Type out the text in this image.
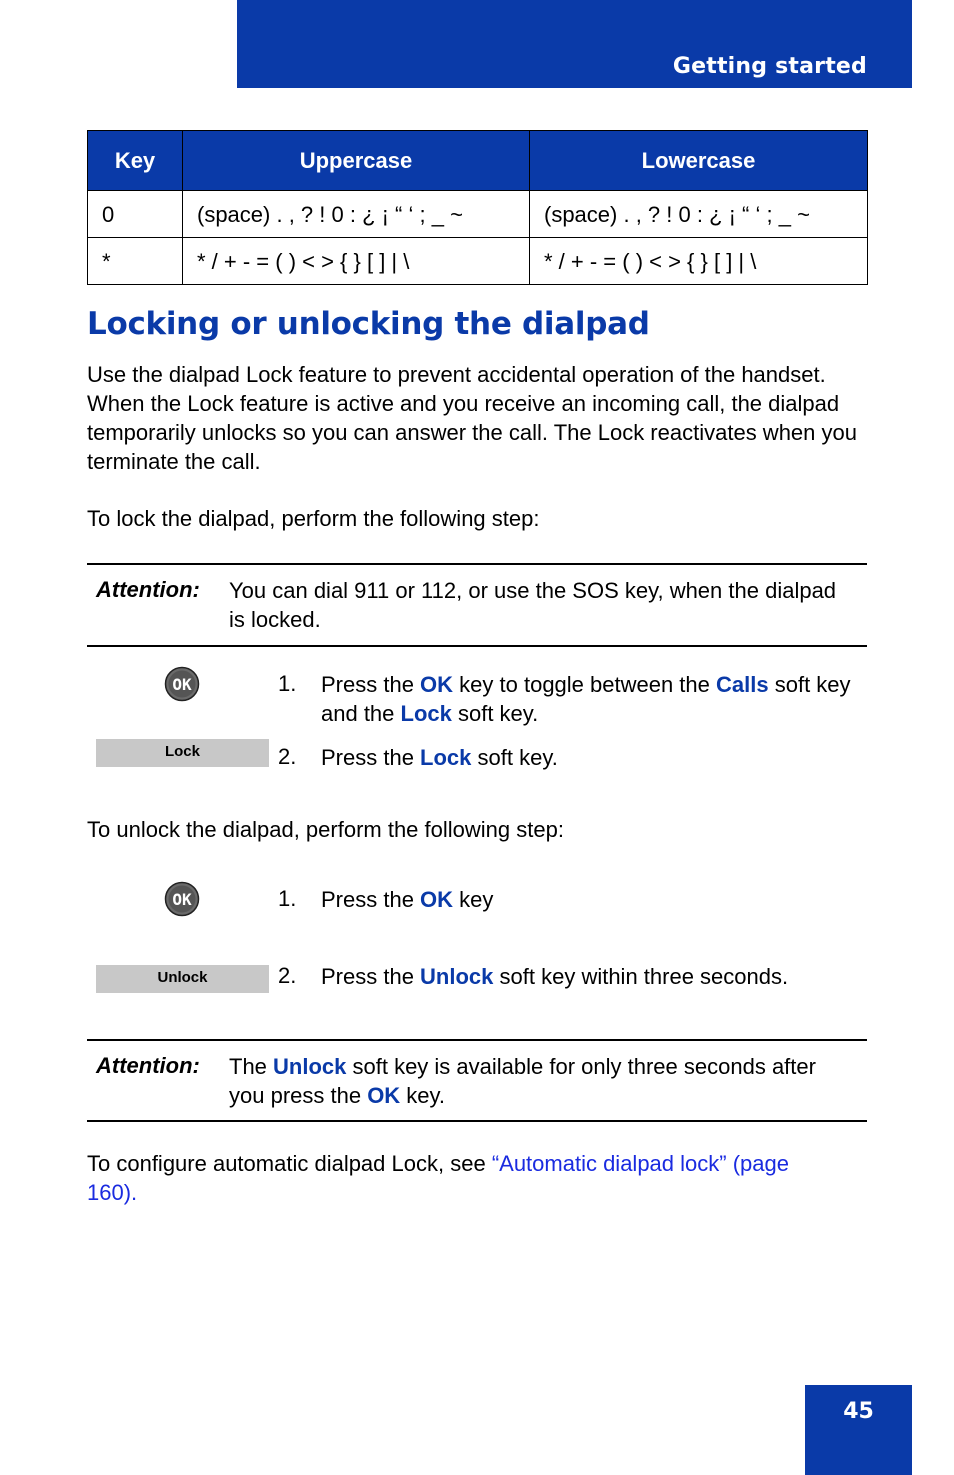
Getting started
Key	Uppercase	Lowercase
0	(space) . , ? ! 0 : ¿ ¡ “ ‘ ; _ ~	(space) . , ? ! 0 : ¿ ¡ “ ‘ ; _ ~
*	* / + - = ( ) < > { } [ ] | \	* / + - = ( ) < > { } [ ] | \
Locking or unlocking the dialpad

Use the dialpad Lock feature to prevent accidental operation of the handset. When the Lock feature is active and you receive an incoming call, the dialpad temporarily unlocks so you can answer the call. The Lock reactivates when you terminate the call.

To lock the dialpad, perform the following step:

Attention: You can dial 911 or 112, or use the SOS key, when the dialpad is locked.
OK	1. Press the OK key to toggle between the Calls soft key and the Lock soft key.
Lock	2. Press the Lock soft key.

To unlock the dialpad, perform the following step:

OK	1. Press the OK key
Unlock	2. Press the Unlock soft key within three seconds.
Attention: The Unlock soft key is available for only three seconds after you press the OK key.

To configure automatic dialpad Lock, see “Automatic dialpad lock” (page 160).

45
